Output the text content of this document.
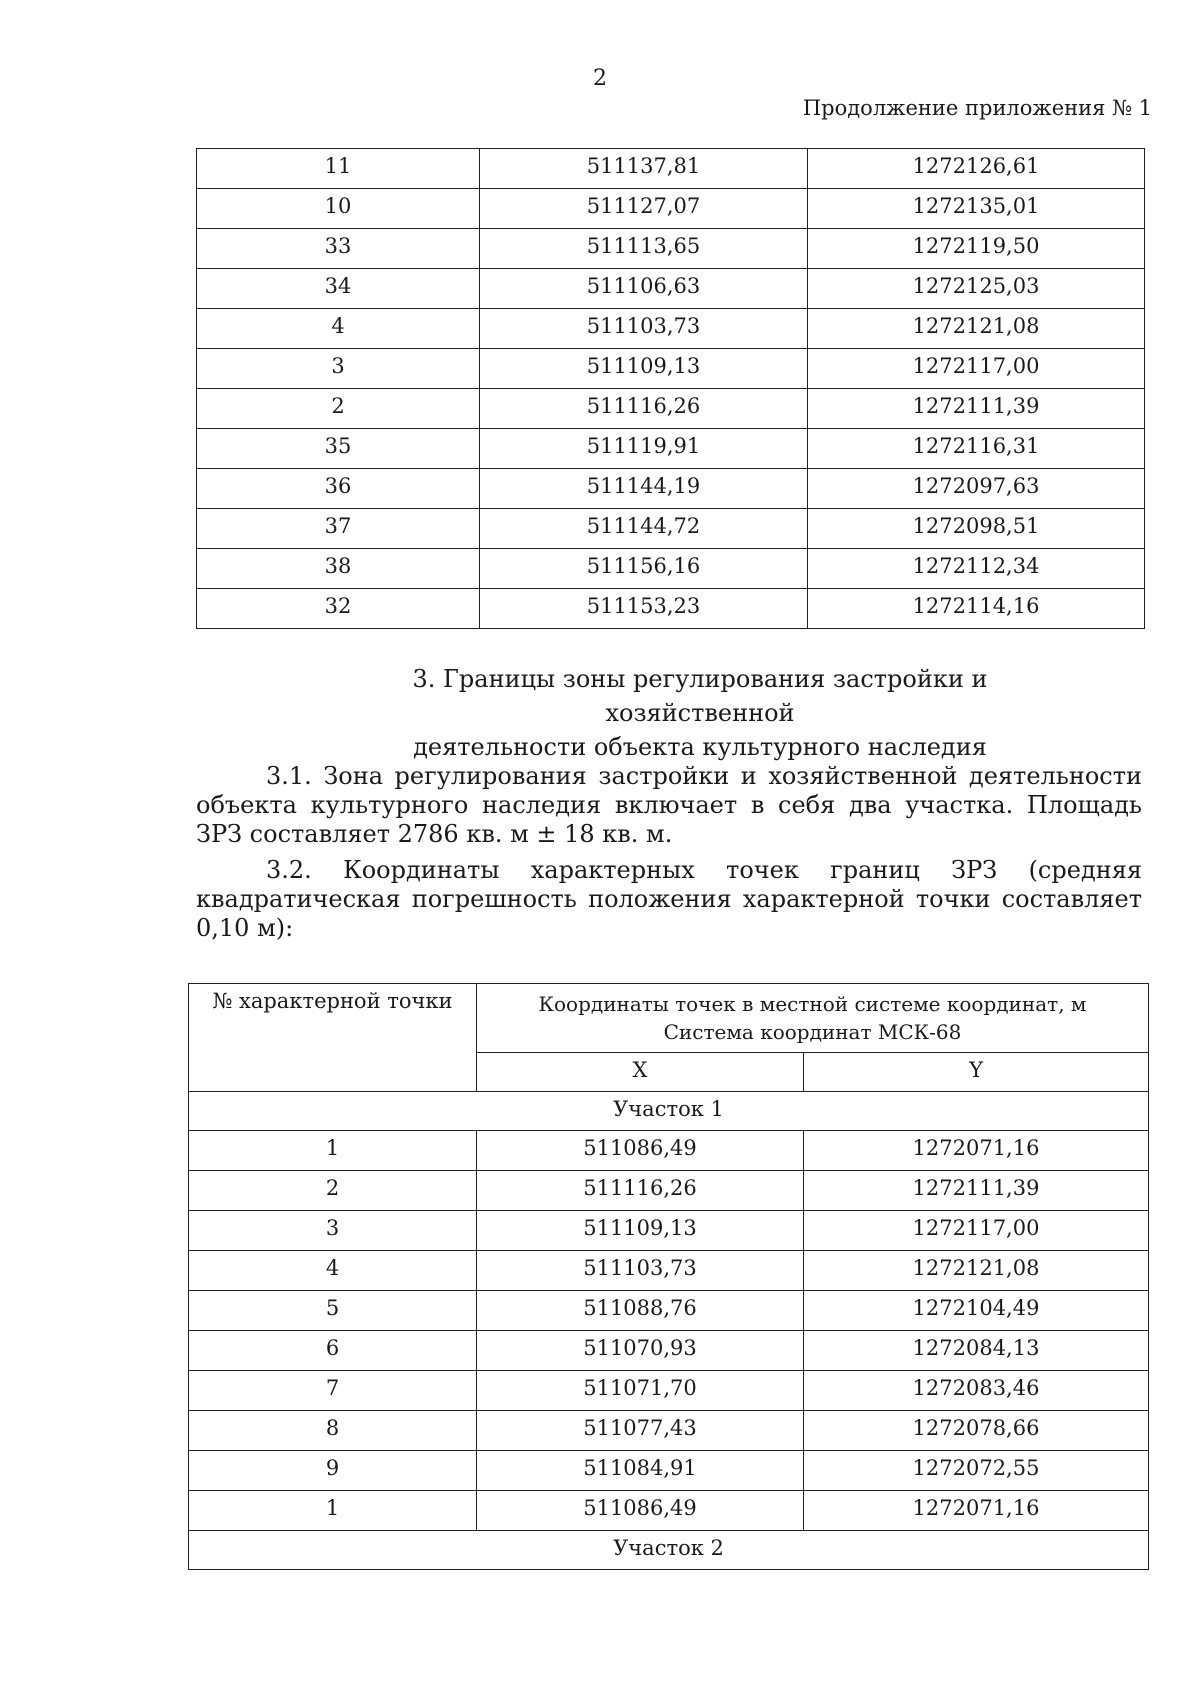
2
Продолжение приложения № 1
11	511137,81	1272126,61
10	511127,07	1272135,01
33	511113,65	1272119,50
34	511106,63	1272125,03
4	511103,73	1272121,08
3	511109,13	1272117,00
2	511116,26	1272111,39
35	511119,91	1272116,31
36	511144,19	1272097,63
37	511144,72	1272098,51
38	511156,16	1272112,34
32	511153,23	1272114,16
3. Границы зоны регулирования застройки и хозяйственной
деятельности объекта культурного наследия
3.1. Зона регулирования застройки и хозяйственной деятельности объекта культурного наследия включает в себя два участка. Площадь ЗРЗ составляет 2786 кв. м ± 18 кв. м.
3.2. Координаты характерных точек границ ЗРЗ (средняя квадратическая погрешность положения характерной точки составляет 0,10 м):
№ характерной точки	Координаты точек в местной системе координат, м
Система координат МСК-68	

	X	Y
Участок 1		
1	511086,49	1272071,16
2	511116,26	1272111,39
3	511109,13	1272117,00
4	511103,73	1272121,08
5	511088,76	1272104,49
6	511070,93	1272084,13
7	511071,70	1272083,46
8	511077,43	1272078,66
9	511084,91	1272072,55
1	511086,49	1272071,16
Участок 2		
